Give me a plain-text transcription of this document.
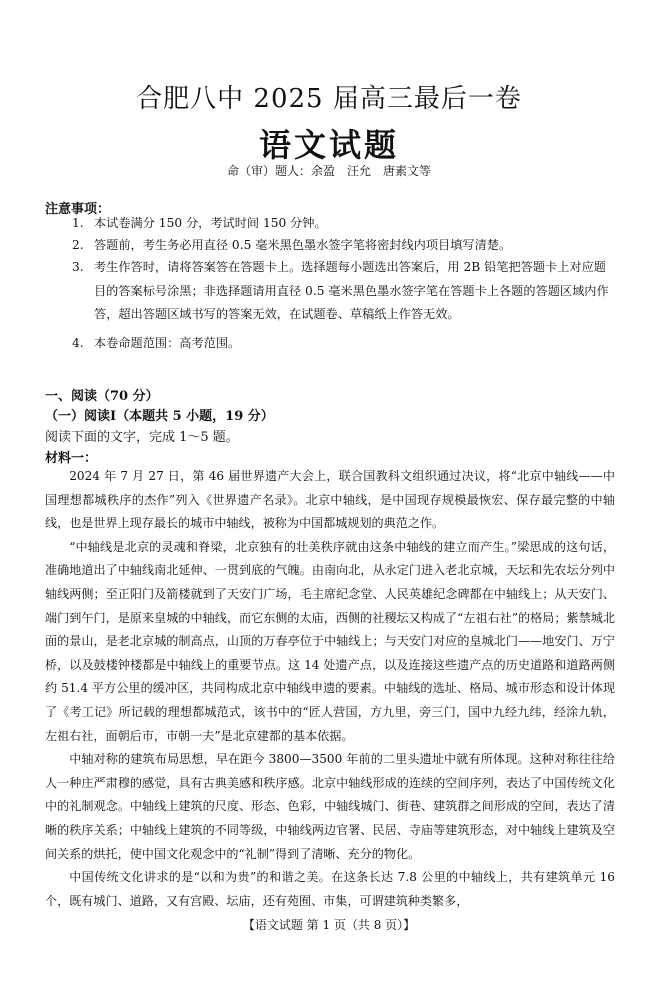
合肥八中 2025 届高三最后一卷
语文试题
命（审）题人：余盈　汪允　唐素文等
注意事项：
1. 本试卷满分 150 分，考试时间 150 分钟。
2. 答题前，考生务必用直径 0.5 毫米黑色墨水签字笔将密封线内项目填写清楚。
3. 考生作答时，请将答案答在答题卡上。选择题每小题选出答案后，用 2B 铅笔把答题卡上对应题目的答案标号涂黑；非选择题请用直径 0.5 毫米黑色墨水签字笔在答题卡上各题的答题区域内作答，超出答题区域书写的答案无效，在试题卷、草稿纸上作答无效。
4. 本卷命题范围：高考范围。
一、阅读（70 分）
（一）阅读Ⅰ（本题共 5 小题，19 分）
阅读下面的文字，完成 1～5 题。
材料一：

2024 年 7 月 27 日，第 46 届世界遗产大会上，联合国教科文组织通过决议，将“北京中轴线——中国理想都城秩序的杰作”列入《世界遗产名录》。北京中轴线，是中国现存规模最恢宏、保存最完整的中轴线，也是世界上现存最长的城市中轴线，被称为中国都城规划的典范之作。

“中轴线是北京的灵魂和脊梁，北京独有的壮美秩序就由这条中轴线的建立而产生。”梁思成的这句话，准确地道出了中轴线南北延伸、一贯到底的气魄。由南向北，从永定门进入老北京城，天坛和先农坛分列中轴线两侧；至正阳门及箭楼就到了天安门广场，毛主席纪念堂、人民英雄纪念碑都在中轴线上；从天安门、端门到午门，是原来皇城的中轴线，而它东侧的太庙，西侧的社稷坛又构成了“左祖右社”的格局；紫禁城北面的景山，是老北京城的制高点，山顶的万春亭位于中轴线上；与天安门对应的皇城北门——地安门、万宁桥，以及鼓楼钟楼都是中轴线上的重要节点。这 14 处遗产点，以及连接这些遗产点的历史道路和道路两侧约 51.4 平方公里的缓冲区，共同构成北京中轴线申遗的要素。中轴线的选址、格局、城市形态和设计体现了《考工记》所记载的理想都城范式，该书中的“匠人营国，方九里，旁三门，国中九经九纬，经涂九轨，左祖右社，面朝后市，市朝一夫”是北京建都的基本依据。

中轴对称的建筑布局思想，早在距今 3800—3500 年前的二里头遗址中就有所体现。这种对称往往给人一种庄严肃穆的感觉，具有古典美感和秩序感。北京中轴线形成的连续的空间序列，表达了中国传统文化中的礼制观念。中轴线上建筑的尺度、形态、色彩，中轴线城门、街巷、建筑群之间形成的空间，表达了清晰的秩序关系；中轴线上建筑的不同等级，中轴线两边官署、民居、寺庙等建筑形态，对中轴线上建筑及空间关系的烘托，使中国文化观念中的“礼制”得到了清晰、充分的物化。

中国传统文化讲求的是“以和为贵”的和谐之美。在这条长达 7.8 公里的中轴线上，共有建筑单元 16 个，既有城门、道路，又有宫殿、坛庙，还有苑囿、市集，可谓建筑种类繁多，

【语文试题 第 1 页（共 8 页）】
